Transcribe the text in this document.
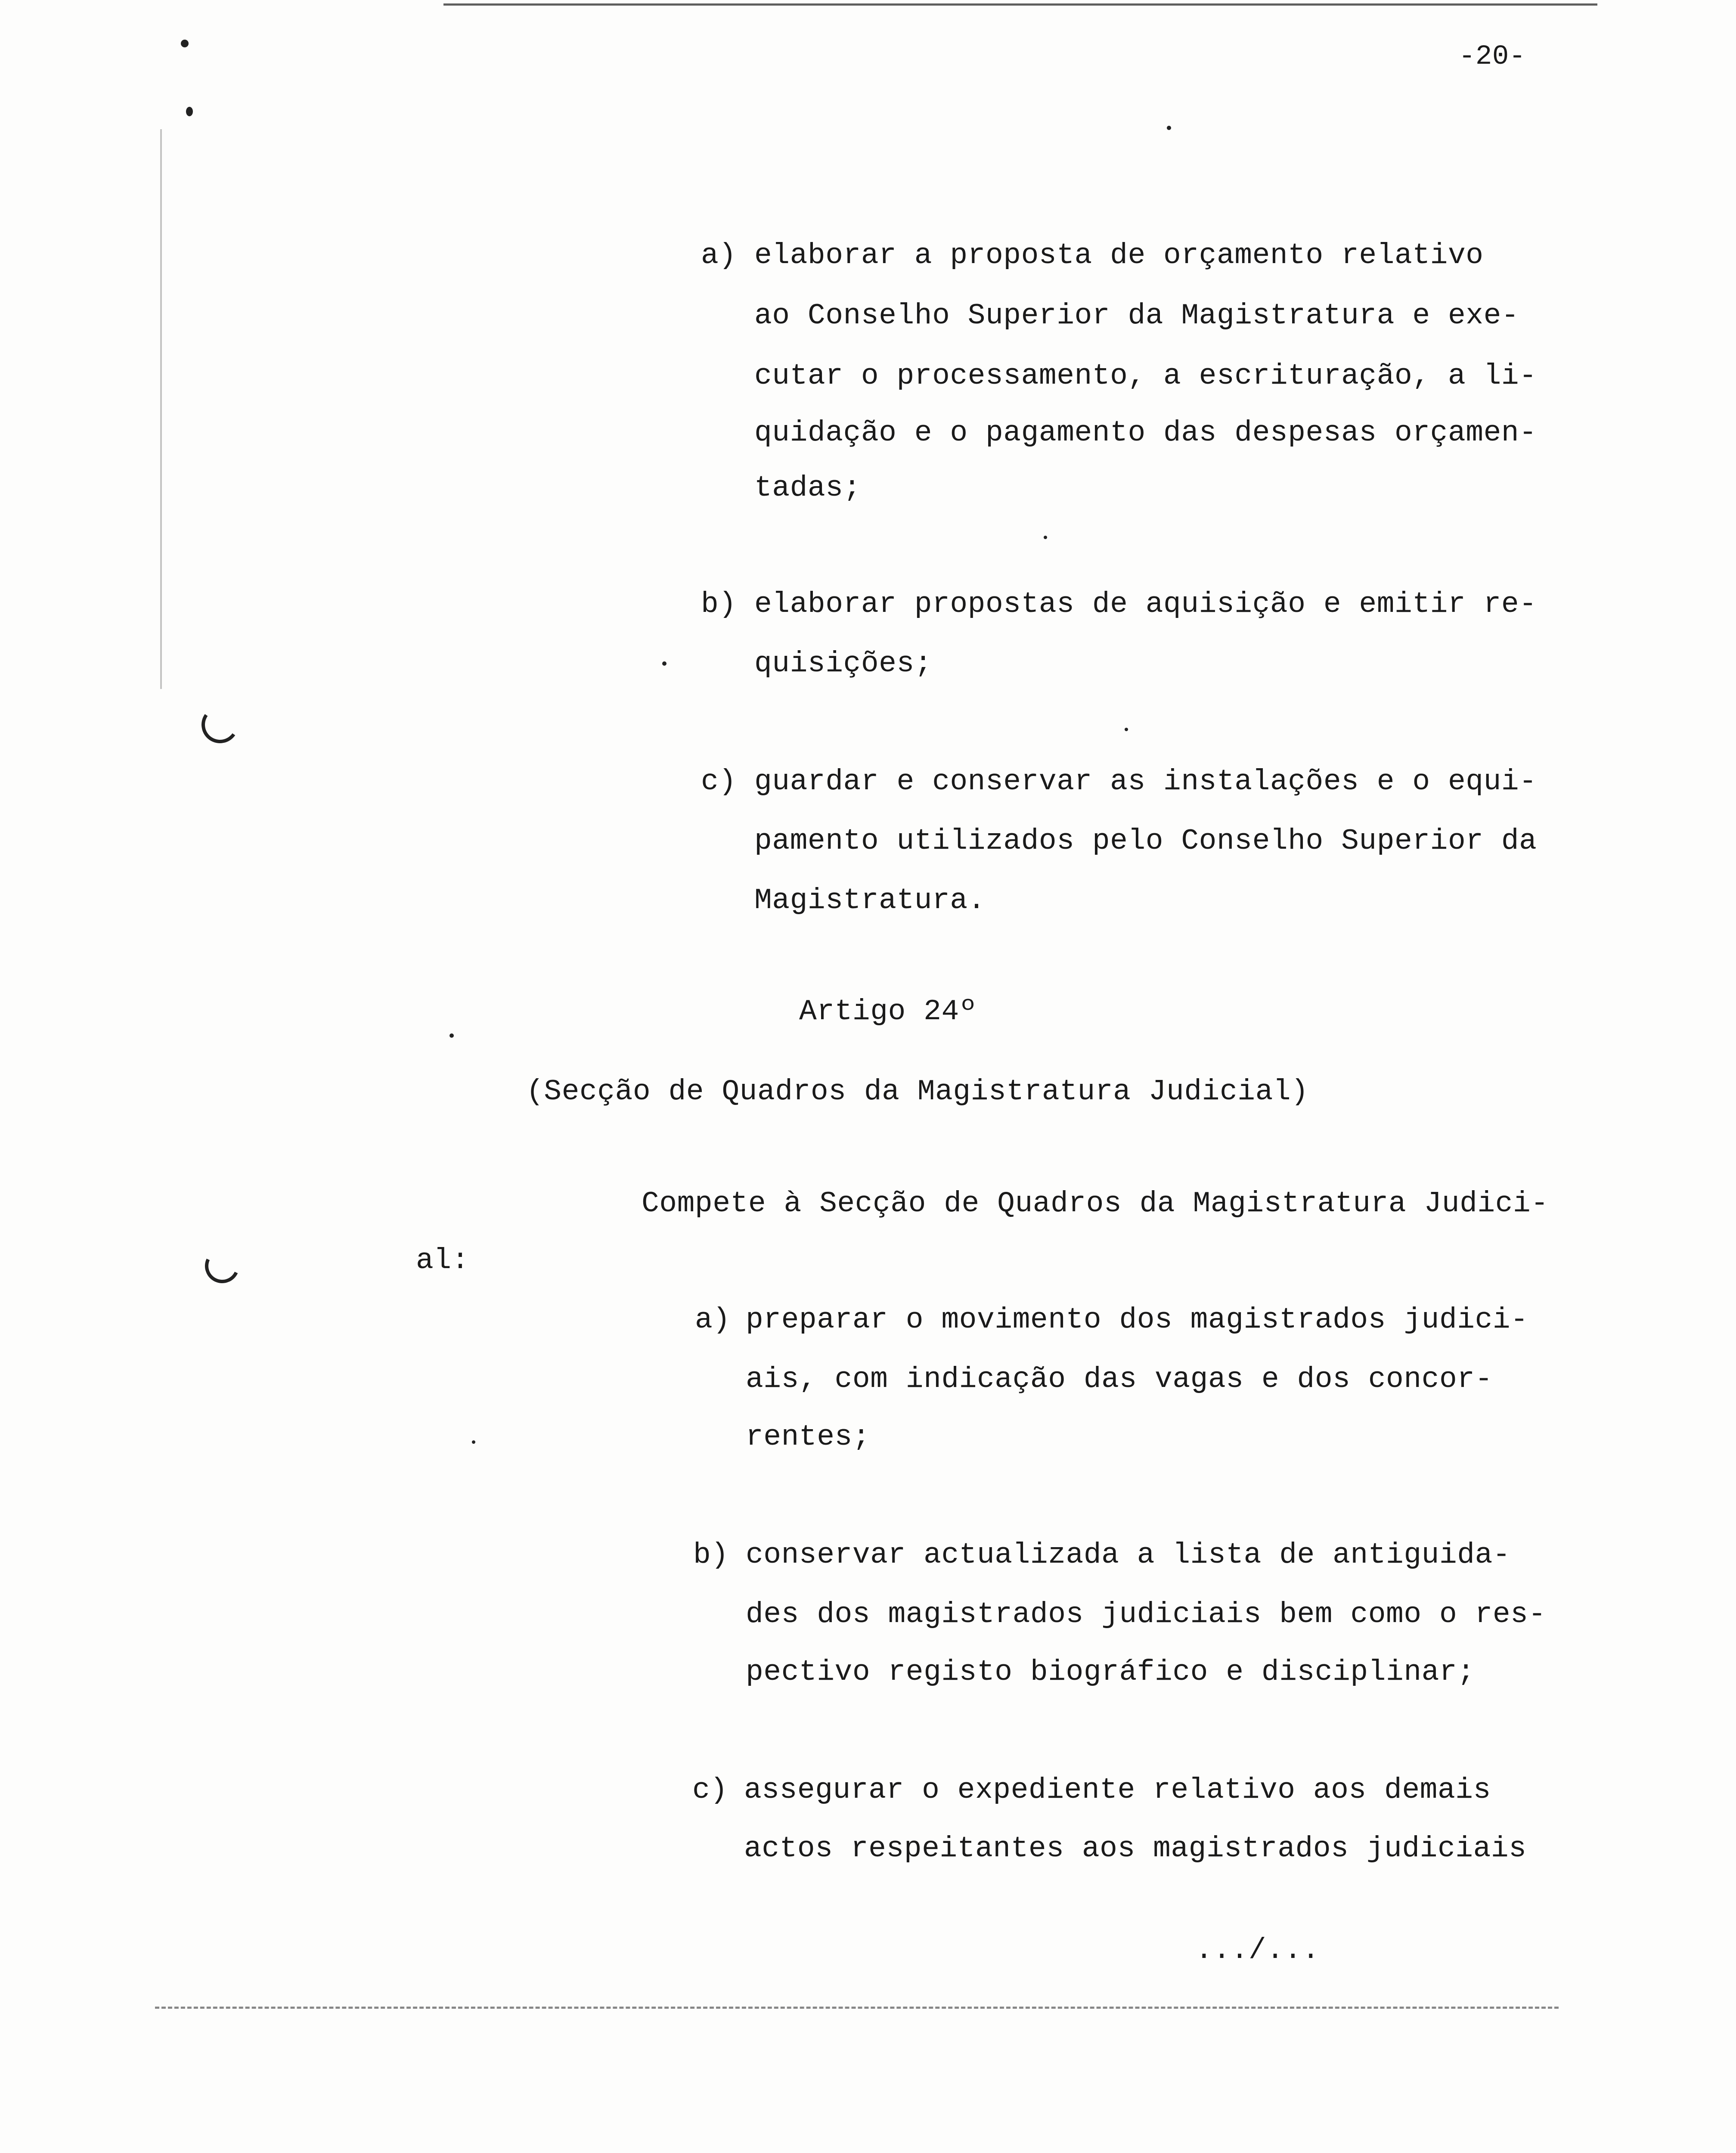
-20-
a) elaborar a proposta de orçamento relativo
ao Conselho Superior da Magistratura e exe-
cutar o processamento, a escrituração, a li-
quidação e o pagamento das despesas orçamen-
tadas;
b) elaborar propostas de aquisição e emitir re-
quisições;
c) guardar e conservar as instalações e o equi-
pamento utilizados pelo Conselho Superior da
Magistratura.
Artigo 24º
(Secção de Quadros da Magistratura Judicial)
Compete à Secção de Quadros da Magistratura Judici-
al:
a) preparar o movimento dos magistrados judici-
ais, com indicação das vagas e dos concor-
rentes;
b) conservar actualizada a lista de antiguida-
des dos magistrados judiciais bem como o res-
pectivo registo biográfico e disciplinar;
c) assegurar o expediente relativo aos demais
actos respeitantes aos magistrados judiciais
.../...
